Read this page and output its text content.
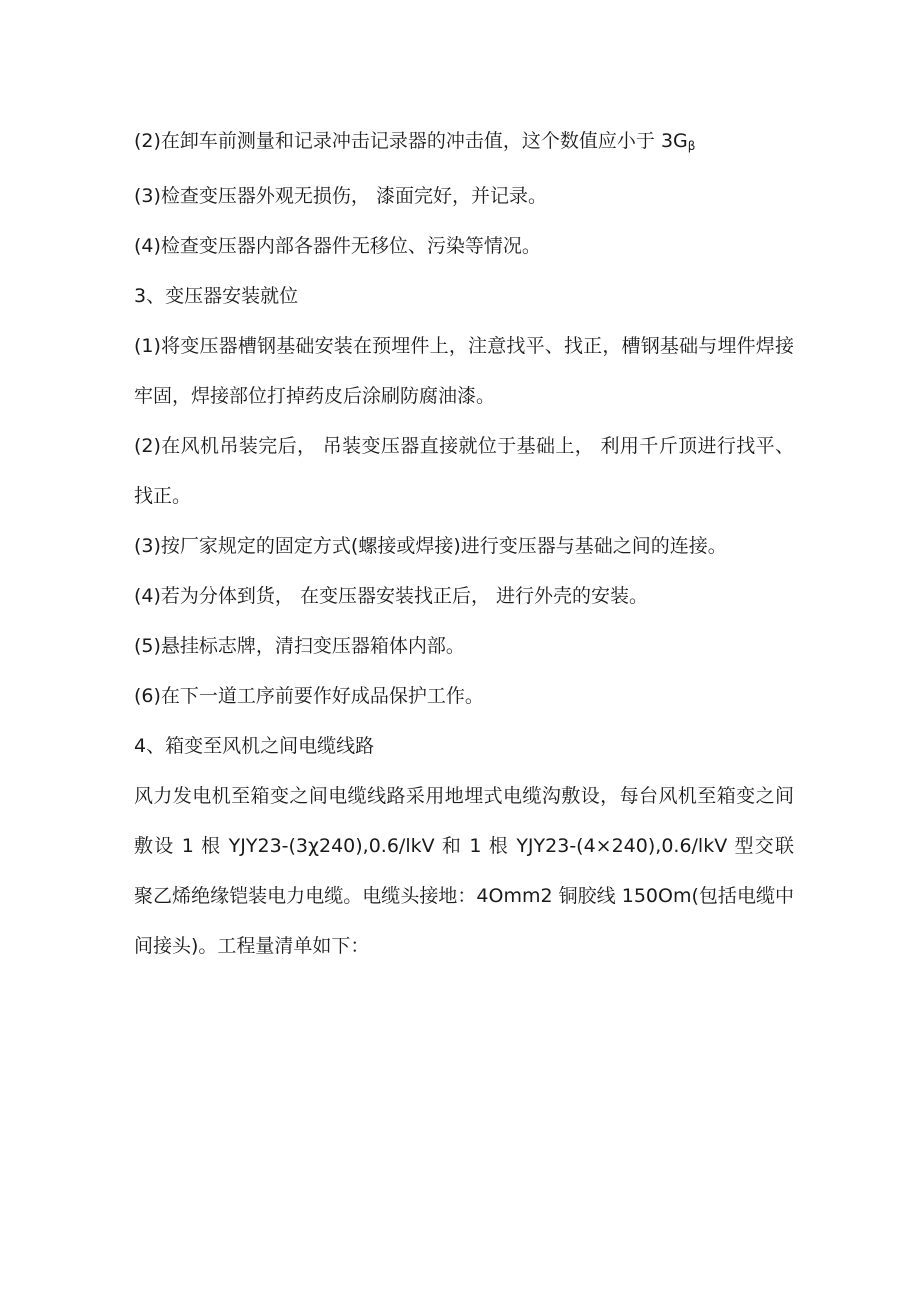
(2)在卸车前测量和记录冲击记录器的冲击值，这个数值应小于 $3G_\beta$

(3)检查变压器外观无损伤， 漆面完好，并记录。

(4)检查变压器内部各器件无移位、污染等情况。

3、变压器安装就位

(1)将变压器槽钢基础安装在预埋件上，注意找平、找正，槽钢基础与埋件焊接牢固，焊接部位打掉药皮后涂刷防腐油漆。

(2)在风机吊装完后， 吊装变压器直接就位于基础上， 利用千斤顶进行找平、找正。

(3)按厂家规定的固定方式(螺接或焊接)进行变压器与基础之间的连接。

(4)若为分体到货， 在变压器安装找正后， 进行外壳的安装。

(5)悬挂标志牌，清扫变压器箱体内部。

(6)在下一道工序前要作好成品保护工作。

4、箱变至风机之间电缆线路

风力发电机至箱变之间电缆线路采用地埋式电缆沟敷设，每台风机至箱变之间敷设 1 根 YJY23-(3χ240),0.6/lkV 和 1 根 YJY23-(4×240),0.6/lkV 型交联聚乙烯绝缘铠装电力电缆。电缆头接地：4Omm2 铜胶线 150Om(包括电缆中间接头)。工程量清单如下：
